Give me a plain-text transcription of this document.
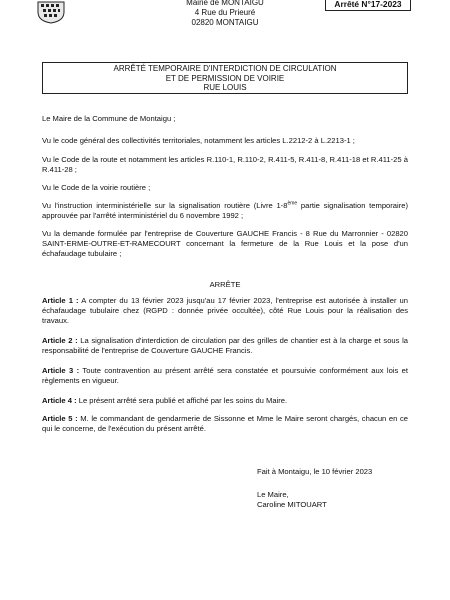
Mairie de MONTAIGU
4 Rue du Prieuré
02820 MONTAIGU
Arrêté N°17-2023
ARRÊTÉ TEMPORAIRE D'INTERDICTION DE CIRCULATION
ET DE PERMISSION DE VOIRIE
RUE LOUIS

Le Maire de la Commune de Montaigu ;

Vu le code général des collectivités territoriales, notamment les articles L.2212-2 à L.2213-1 ;

Vu le Code de la route et notamment les articles R.110-1, R.110-2, R.411-5, R.411-8, R.411-18 et R.411-25 à R.411-28 ;

Vu le Code de la voirie routière ;

Vu l'instruction interministérielle sur la signalisation routière (Livre 1-8ème partie signalisation temporaire) approuvée par l'arrêté interministériel du 6 novembre 1992 ;

Vu la demande formulée par l'entreprise de Couverture GAUCHE Francis - 8 Rue du Marronnier - 02820 SAINT-ERME-OUTRE-ET-RAMECOURT concernant la fermeture de la Rue Louis et la pose d'un échafaudage tubulaire ;

ARRÊTE

Article 1 : A compter du 13 février 2023 jusqu'au 17 février 2023, l'entreprise est autorisée à installer un échafaudage tubulaire chez (RGPD : donnée privée occultée), côté Rue Louis pour la réalisation des travaux.

Article 2 : La signalisation d'interdiction de circulation par des grilles de chantier est à la charge et sous la responsabilité de l'entreprise de Couverture GAUCHE Francis.

Article 3 : Toute contravention au présent arrêté sera constatée et poursuivie conformément aux lois et règlements en vigueur.

Article 4 : Le présent arrêté sera publié et affiché par les soins du Maire.

Article 5 : M. le commandant de gendarmerie de Sissonne et Mme le Maire seront chargés, chacun en ce qui le concerne, de l'exécution du présent arrêté.

Fait à Montaigu, le 10 février 2023

Le Maire,

Caroline MITOUART
